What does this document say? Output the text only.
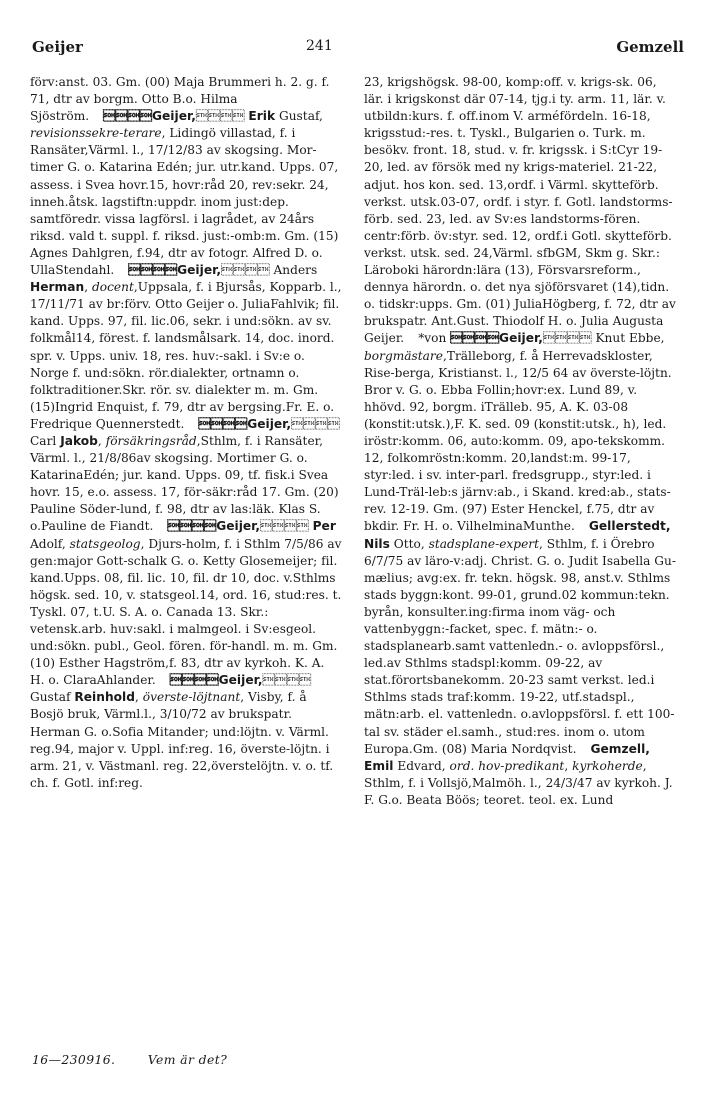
Geijer	241	Gemzell
förv:anst. 03. Gm. (00) Maja Brummeri h. 2. g. f. 71, dtr av borgm. Otto B.o. Hilma Sjöström. Geijer, Erik Gustaf, revisionssekre-terare, Lidingö villastad, f. i Ransäter,Värml. l., 17/12/83 av skogsing. Mor-timer G. o. Katarina Edén; jur. utr.kand. Upps. 07, assess. i Svea hovr.15, hovr:råd 20, rev:sekr. 24, inneh.åtsk. lagstiftn:uppdr. inom just:dep. samtföredr. vissa lagförsl. i lagrådet, av 24års riksd. vald t. suppl. f. riksd. just:-omb:m. Gm. (15) Agnes Dahlgren, f.94, dtr av fotogr. Alfred D. o. UllaStendahl. Geijer, Anders Herman, docent,Uppsala, f. i Bjursås, Kopparb. l., 17/11/71 av br:förv. Otto Geijer o. JuliaFahlvik; fil. kand. Upps. 97, fil. lic.06, sekr. i und:sökn. av sv. folkmål14, förest. f. landsmålsark. 14, doc. inord. spr. v. Upps. univ. 18, res. huv:-sakl. i Sv:e o. Norge f. und:sökn. rör.dialekter, ortnamn o. folktraditioner.Skr. rör. sv. dialekter m. m. Gm. (15)Ingrid Enquist, f. 79, dtr av bergsing.Fr. E. o. Fredrique Quennerstedt. Geijer, Carl Jakob, försäkringsråd,Sthlm, f. i Ransäter, Värml. l., 21/8/86av skogsing. Mortimer G. o. KatarinaEdén; jur. kand. Upps. 09, tf. fisk.i Svea hovr. 15, e.o. assess. 17, för-säkr:råd 17. Gm. (20) Pauline Söder-lund, f. 98, dtr av las:läk. Klas S. o.Pauline de Fiandt. Geijer, Per Adolf, statsgeolog, Djurs-holm, f. i Sthlm 7/5/86 av gen:major Gott-schalk G. o. Ketty Glosemeijer; fil. kand.Upps. 08, fil. lic. 10, fil. dr 10, doc. v.Sthlms högsk. sed. 10, v. statsgeol.14, ord. 16, stud:res. t. Tyskl. 07, t.U. S. A. o. Canada 13. Skr.: vetensk.arb. huv:sakl. i malmgeol. i Sv:esgeol. und:sökn. publ., Geol. fören. för-handl. m. m. Gm. (10) Esther Hagström,f. 83, dtr av kyrkoh. K. A. H. o. ClaraAhlander. Geijer, Gustaf Reinhold, överste-löjtnant, Visby, f. å Bosjö bruk, Värml.l., 3/10/72 av brukspatr. Herman G. o.Sofia Mitander; und:löjtn. v. Värml. reg.94, major v. Uppl. inf:reg. 16, överste-löjtn. i arm. 21, v. Västmanl. reg. 22,överstelöjtn. v. o. tf. ch. f. Gotl. inf:reg.
23, krigshögsk. 98-00, komp:off. v. krigs-sk. 06, lär. i krigskonst där 07-14, tjg.i ty. arm. 11, lär. v. utbildn:kurs. f. off.inom V. arméfördeln. 16-18, krigsstud:-res. t. Tyskl., Bulgarien o. Turk. m. besökv. front. 18, stud. v. fr. krigssk. i S:tCyr 19-20, led. av försök med ny krigs-materiel. 21-22, adjut. hos kon. sed. 13,ordf. i Värml. skytteförb. verkst. utsk.03-07, ordf. i styr. f. Gotl. landstorms-förb. sed. 23, led. av Sv:es landstorms-fören. centr:förb. öv:styr. sed. 12, ordf.i Gotl. skytteförb. verkst. utsk. sed. 24,Värml. sfbGM, Skm g. Skr.: Läroboki härordn:lära (13), Försvarsreform., dennya härordn. o. det nya sjöförsvaret (14),tidn. o. tidskr:upps. Gm. (01) JuliaHögberg, f. 72, dtr av brukspatr. Ant.Gust. Thiodolf H. o. Julia Augusta Geijer. *von Geijer, Knut Ebbe, borgmästare,Trälleborg, f. å Herrevadskloster, Rise-berga, Kristianst. l., 12/5 64 av överste-löjtn. Bror v. G. o. Ebba Follin;hovr:ex. Lund 89, v. hhövd. 92, borgm. iTrälleb. 95, A. K. 03-08 (konstit:utsk.),F. K. sed. 09 (konstit:utsk., h), led. iröstr:komm. 06, auto:komm. 09, apo-tekskomm. 12, folkomröstn:komm. 20,landst:m. 99-17, styr:led. i sv. inter-parl. fredsgrupp., styr:led. i Lund-Träl-leb:s järnv:ab., i Skand. kred:ab., stats-rev. 12-19. Gm. (97) Ester Henckel, f.75, dtr av bkdir. Fr. H. o. VilhelminaMunthe. Gellerstedt, Nils Otto, stadsplane-expert, Sthlm, f. i Örebro 6/7/75 av läro-v:adj. Christ. G. o. Judit Isabella Gu-mælius; avg:ex. fr. tekn. högsk. 98, anst.v. Sthlms stads byggn:kont. 99-01, grund.02 kommun:tekn. byrån, konsulter.ing:firma inom väg- och vattenbyggn:-facket, spec. f. mätn:- o. stadsplanearb.samt vattenledn.- o. avloppsförsl., led.av Sthlms stadspl:komm. 09-22, av stat.förortsbanekomm. 20-23 samt verkst. led.i Sthlms stads traf:komm. 19-22, utf.stadspl., mätn:arb. el. vattenledn. o.avloppsförsl. f. ett 100-tal sv. städer el.samh., stud:res. inom o. utom Europa.Gm. (08) Maria Nordqvist. Gemzell, Emil Edvard, ord. hov-predikant, kyrkoherde, Sthlm, f. i Vollsjö,Malmöh. l., 24/3/47 av kyrkoh. J. F. G.o. Beata Böös; teoret. teol. ex. Lund
16—230916.	Vem är det?
